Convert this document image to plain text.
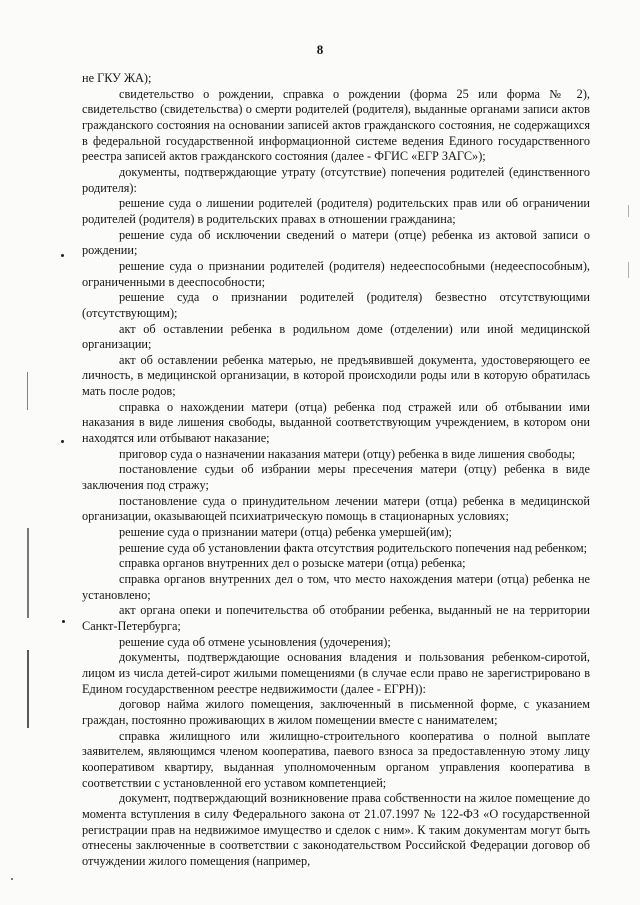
8

не ГКУ ЖА);

свидетельство о рождении, справка о рождении (форма 25 или форма № 2), свидетельство (свидетельства) о смерти родителей (родителя), выданные органами записи актов гражданского состояния на основании записей актов гражданского состояния, не содержащихся в федеральной государственной информационной системе ведения Единого государственного реестра записей актов гражданского состояния (далее - ФГИС «ЕГР ЗАГС»);

документы, подтверждающие утрату (отсутствие) попечения родителей (единственного родителя):

решение суда о лишении родителей (родителя) родительских прав или об ограничении родителей (родителя) в родительских правах в отношении гражданина;

решение суда об исключении сведений о матери (отце) ребенка из актовой записи о рождении;

решение суда о признании родителей (родителя) недееспособными (недееспособным), ограниченными в дееспособности;

решение суда о признании родителей (родителя) безвестно отсутствующими (отсутствующим);

акт об оставлении ребенка в родильном доме (отделении) или иной медицинской организации;

акт об оставлении ребенка матерью, не предъявившей документа, удостоверяющего ее личность, в медицинской организации, в которой происходили роды или в которую обратилась мать после родов;

справка о нахождении матери (отца) ребенка под стражей или об отбывании ими наказания в виде лишения свободы, выданной соответствующим учреждением, в котором они находятся или отбывают наказание;

приговор суда о назначении наказания матери (отцу) ребенка в виде лишения свободы;

постановление судьи об избрании меры пресечения матери (отцу) ребенка в виде заключения под стражу;

постановление суда о принудительном лечении матери (отца) ребенка в медицинской организации, оказывающей психиатрическую помощь в стационарных условиях;

решение суда о признании матери (отца) ребенка умершей(им);

решение суда об установлении факта отсутствия родительского попечения над ребенком;

справка органов внутренних дел о розыске матери (отца) ребенка;

справка органов внутренних дел о том, что место нахождения матери (отца) ребенка не установлено;

акт органа опеки и попечительства об отобрании ребенка, выданный не на территории Санкт-Петербурга;

решение суда об отмене усыновления (удочерения);

документы, подтверждающие основания владения и пользования ребенком-сиротой, лицом из числа детей-сирот жилыми помещениями (в случае если право не зарегистрировано в Едином государственном реестре недвижимости (далее - ЕГРН)):

договор найма жилого помещения, заключенный в письменной форме, с указанием граждан, постоянно проживающих в жилом помещении вместе с нанимателем;

справка жилищного или жилищно-строительного кооператива о полной выплате заявителем, являющимся членом кооператива, паевого взноса за предоставленную этому лицу кооперативом квартиру, выданная уполномоченным органом управления кооператива в соответствии с установленной его уставом компетенцией;

документ, подтверждающий возникновение права собственности на жилое помещение до момента вступления в силу Федерального закона от 21.07.1997 № 122-ФЗ «О государственной регистрации прав на недвижимое имущество и сделок с ним». К таким документам могут быть отнесены заключенные в соответствии с законодательством Российской Федерации договор об отчуждении жилого помещения (например,
